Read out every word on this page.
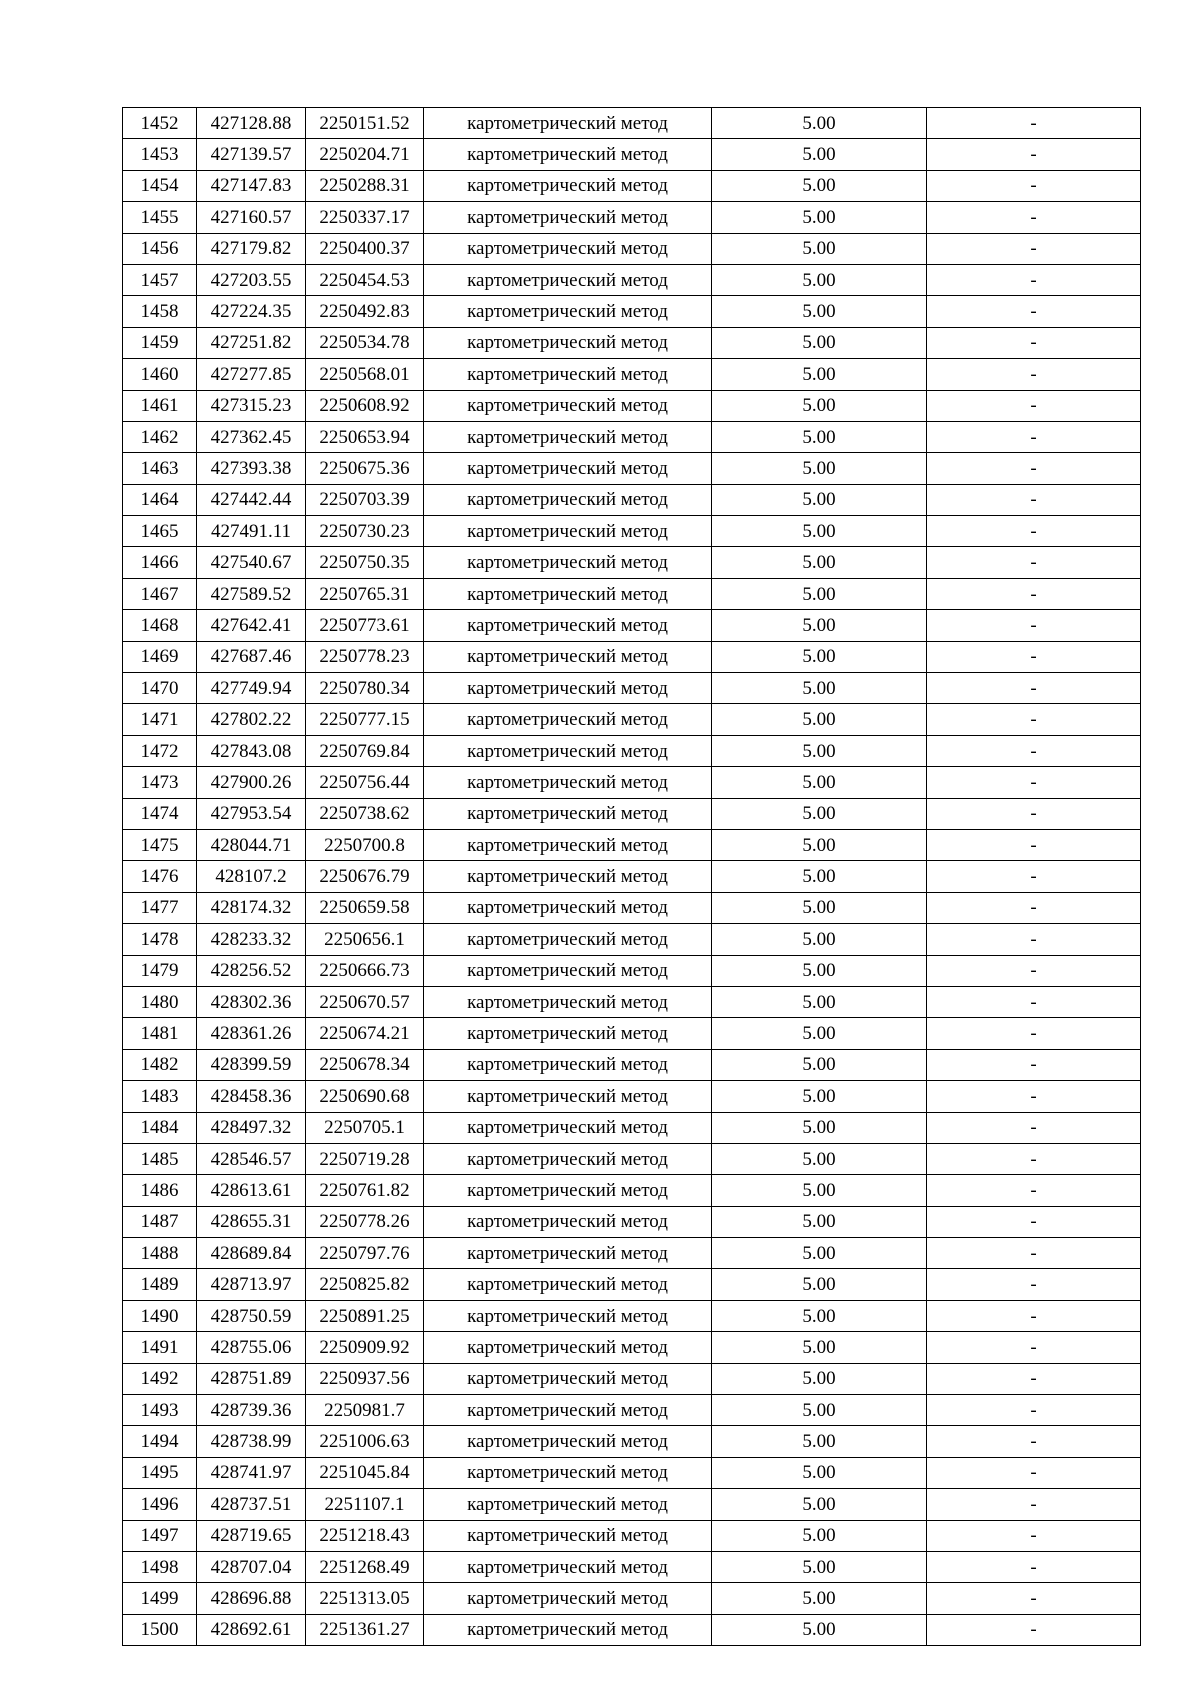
1452	427128.88	2250151.52	картометрический метод	5.00	-
1453	427139.57	2250204.71	картометрический метод	5.00	-
1454	427147.83	2250288.31	картометрический метод	5.00	-
1455	427160.57	2250337.17	картометрический метод	5.00	-
1456	427179.82	2250400.37	картометрический метод	5.00	-
1457	427203.55	2250454.53	картометрический метод	5.00	-
1458	427224.35	2250492.83	картометрический метод	5.00	-
1459	427251.82	2250534.78	картометрический метод	5.00	-
1460	427277.85	2250568.01	картометрический метод	5.00	-
1461	427315.23	2250608.92	картометрический метод	5.00	-
1462	427362.45	2250653.94	картометрический метод	5.00	-
1463	427393.38	2250675.36	картометрический метод	5.00	-
1464	427442.44	2250703.39	картометрический метод	5.00	-
1465	427491.11	2250730.23	картометрический метод	5.00	-
1466	427540.67	2250750.35	картометрический метод	5.00	-
1467	427589.52	2250765.31	картометрический метод	5.00	-
1468	427642.41	2250773.61	картометрический метод	5.00	-
1469	427687.46	2250778.23	картометрический метод	5.00	-
1470	427749.94	2250780.34	картометрический метод	5.00	-
1471	427802.22	2250777.15	картометрический метод	5.00	-
1472	427843.08	2250769.84	картометрический метод	5.00	-
1473	427900.26	2250756.44	картометрический метод	5.00	-
1474	427953.54	2250738.62	картометрический метод	5.00	-
1475	428044.71	2250700.8	картометрический метод	5.00	-
1476	428107.2	2250676.79	картометрический метод	5.00	-
1477	428174.32	2250659.58	картометрический метод	5.00	-
1478	428233.32	2250656.1	картометрический метод	5.00	-
1479	428256.52	2250666.73	картометрический метод	5.00	-
1480	428302.36	2250670.57	картометрический метод	5.00	-
1481	428361.26	2250674.21	картометрический метод	5.00	-
1482	428399.59	2250678.34	картометрический метод	5.00	-
1483	428458.36	2250690.68	картометрический метод	5.00	-
1484	428497.32	2250705.1	картометрический метод	5.00	-
1485	428546.57	2250719.28	картометрический метод	5.00	-
1486	428613.61	2250761.82	картометрический метод	5.00	-
1487	428655.31	2250778.26	картометрический метод	5.00	-
1488	428689.84	2250797.76	картометрический метод	5.00	-
1489	428713.97	2250825.82	картометрический метод	5.00	-
1490	428750.59	2250891.25	картометрический метод	5.00	-
1491	428755.06	2250909.92	картометрический метод	5.00	-
1492	428751.89	2250937.56	картометрический метод	5.00	-
1493	428739.36	2250981.7	картометрический метод	5.00	-
1494	428738.99	2251006.63	картометрический метод	5.00	-
1495	428741.97	2251045.84	картометрический метод	5.00	-
1496	428737.51	2251107.1	картометрический метод	5.00	-
1497	428719.65	2251218.43	картометрический метод	5.00	-
1498	428707.04	2251268.49	картометрический метод	5.00	-
1499	428696.88	2251313.05	картометрический метод	5.00	-
1500	428692.61	2251361.27	картометрический метод	5.00	-
